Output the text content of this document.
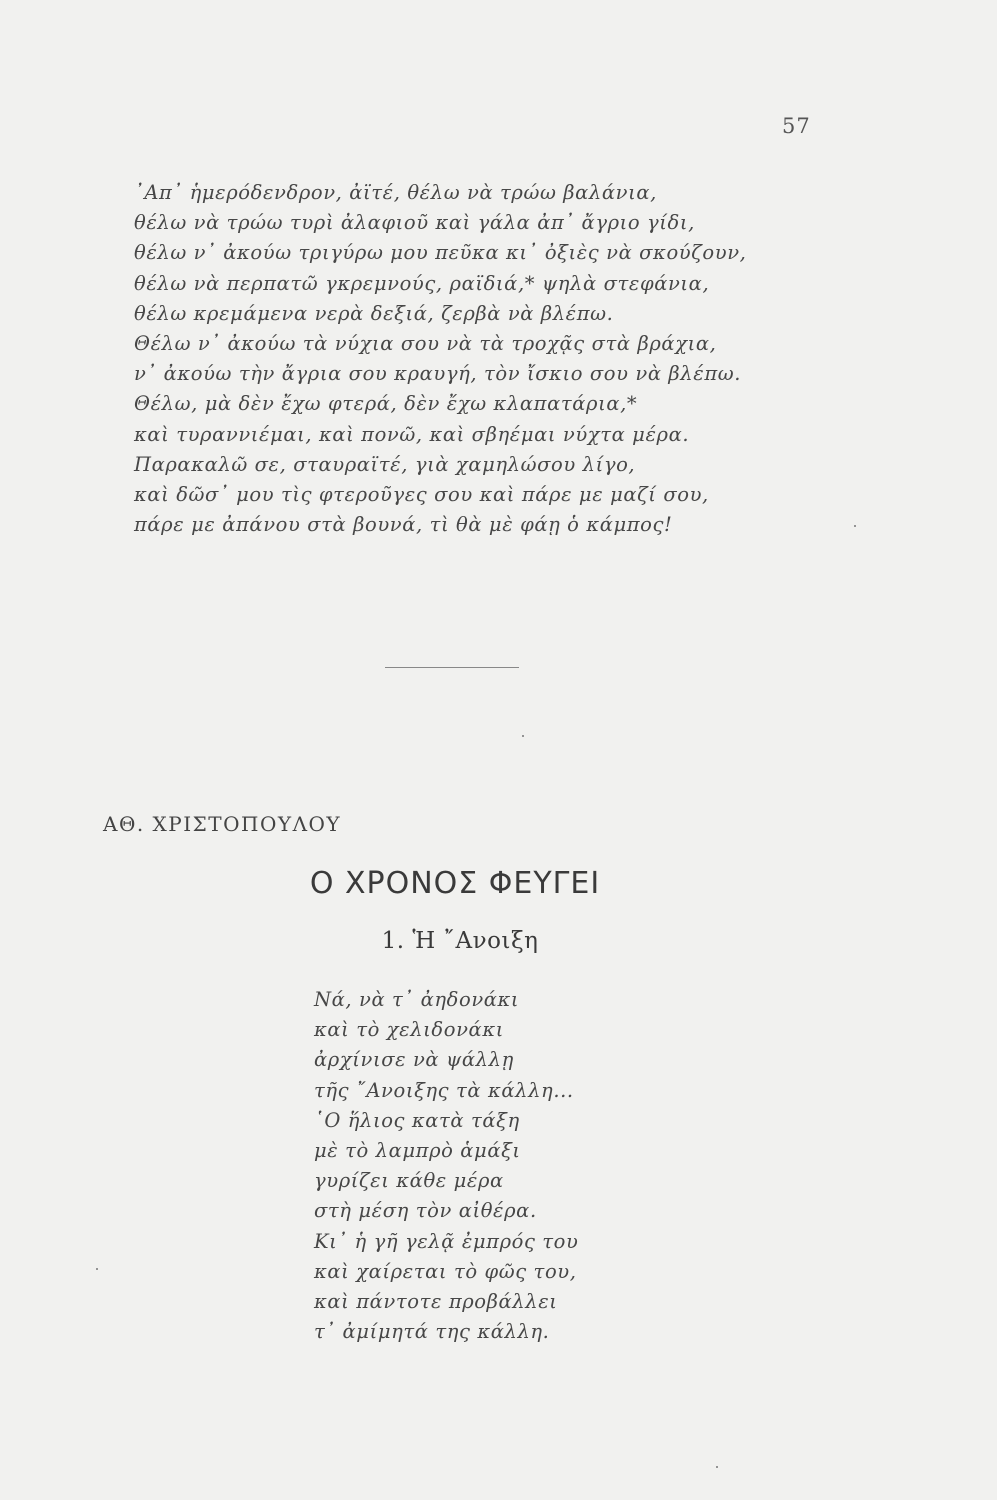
57
᾽Απ᾽ ἡμερόδενδρον, ἀϊτέ, θέλω νὰ τρώω βαλάνια,
θέλω νὰ τρώω τυρὶ ἀλαφιοῦ καὶ γάλα ἀπ᾽ ἄγριο γίδι,
θέλω ν᾽ ἀκούω τριγύρω μου πεῦκα κι᾽ ὀξιὲς νὰ σκούζουν,
θέλω νὰ περπατῶ γκρεμνούς, ραϊδιά,* ψηλὰ στεφάνια,
θέλω κρεμάμενα νερὰ δεξιά, ζερβὰ νὰ βλέπω.
Θέλω ν᾽ ἀκούω τὰ νύχια σου νὰ τὰ τροχᾷς στὰ βράχια,
ν᾽ ἀκούω τὴν ἄγρια σου κραυγή, τὸν ἴσκιο σου νὰ βλέπω.
Θέλω, μὰ δὲν ἔχω φτερά, δὲν ἔχω κλαπατάρια,*
καὶ τυραννιέμαι, καὶ πονῶ, καὶ σβηέμαι νύχτα μέρα.
Παρακαλῶ σε, σταυραϊτέ, γιὰ χαμηλώσου λίγο,
καὶ δῶσ᾽ μου τὶς φτεροῦγες σου καὶ πάρε με μαζί σου,
πάρε με ἀπάνου στὰ βουνά, τὶ θὰ μὲ φάῃ ὁ κάμπος!
ΑΘ. ΧΡΙΣΤΟΠΟΥΛΟΥ
Ο ΧΡΟΝΟΣ ΦΕΥΓΕΙ
1. Ἡ ῎Ανοιξη
Νά, νὰ τ᾽ ἀηδονάκι
καὶ τὸ χελιδονάκι
ἀρχίνισε νὰ ψάλλῃ
τῆς ῎Ανοιξης τὰ κάλλη...
῾Ο ἥλιος κατὰ τάξη
μὲ τὸ λαμπρὸ ἁμάξι
γυρίζει κάθε μέρα
στὴ μέση τὸν αἰθέρα.
Κι᾽ ἡ γῆ γελᾷ ἐμπρός του
καὶ χαίρεται τὸ φῶς του,
καὶ πάντοτε προβάλλει
τ᾽ ἀμίμητά της κάλλη.
